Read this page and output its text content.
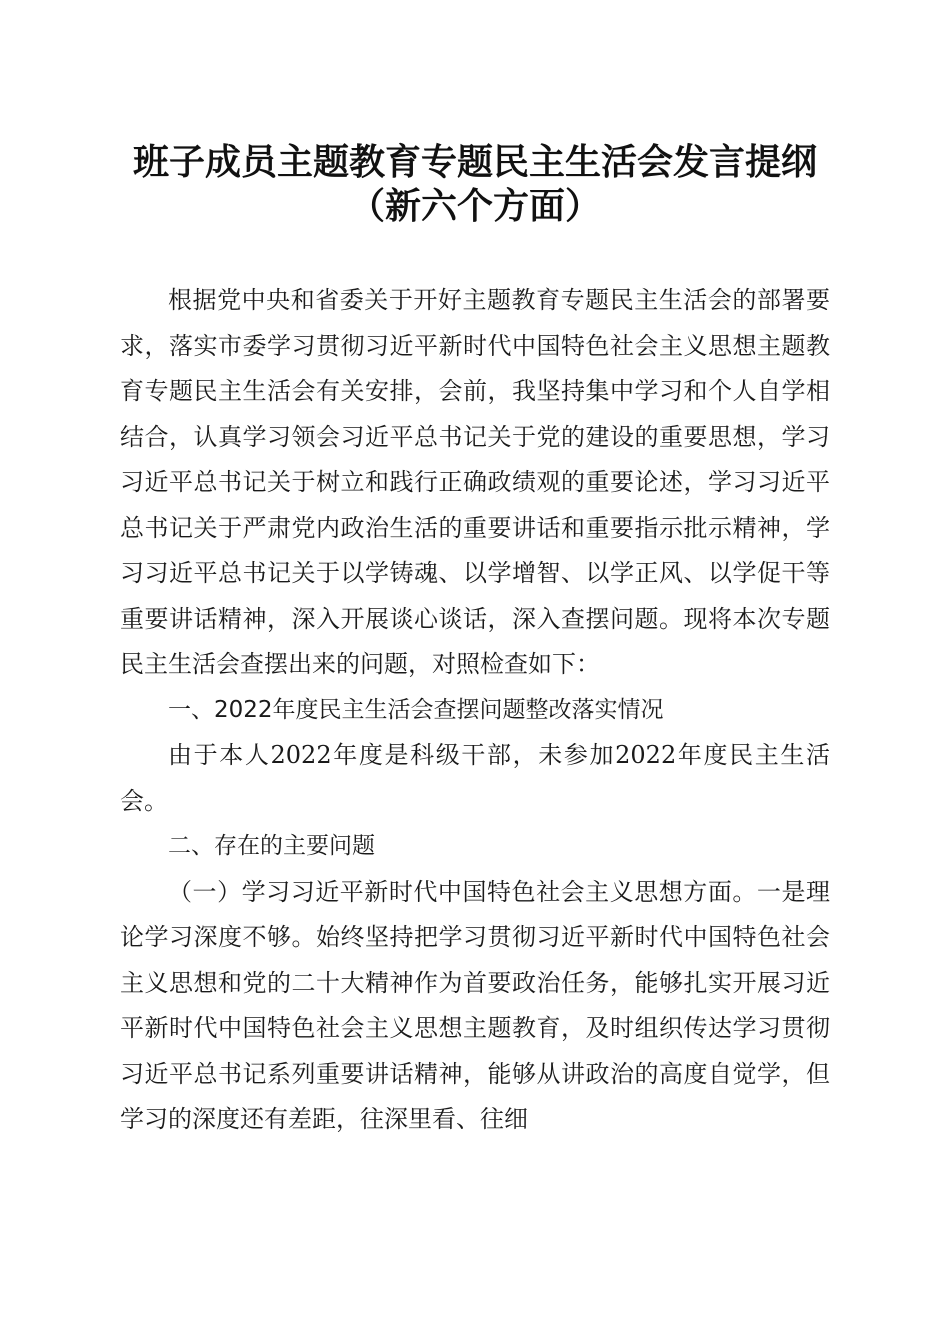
班子成员主题教育专题民主生活会发言提纲
（新六个方面）

根据党中央和省委关于开好主题教育专题民主生活会的部署要求，落实市委学习贯彻习近平新时代中国特色社会主义思想主题教育专题民主生活会有关安排，会前，我坚持集中学习和个人自学相结合，认真学习领会习近平总书记关于党的建设的重要思想，学习习近平总书记关于树立和践行正确政绩观的重要论述，学习习近平总书记关于严肃党内政治生活的重要讲话和重要指示批示精神，学习习近平总书记关于以学铸魂、以学增智、以学正风、以学促干等重要讲话精神，深入开展谈心谈话，深入查摆问题。现将本次专题民主生活会查摆出来的问题，对照检查如下：

一、2022年度民主生活会查摆问题整改落实情况

由于本人2022年度是科级干部，未参加2022年度民主生活会。

二、存在的主要问题

（一）学习习近平新时代中国特色社会主义思想方面。一是理论学习深度不够。始终坚持把学习贯彻习近平新时代中国特色社会主义思想和党的二十大精神作为首要政治任务，能够扎实开展习近平新时代中国特色社会主义思想主题教育，及时组织传达学习贯彻习近平总书记系列重要讲话精神，能够从讲政治的高度自觉学，但学习的深度还有差距，往深里看、往细
